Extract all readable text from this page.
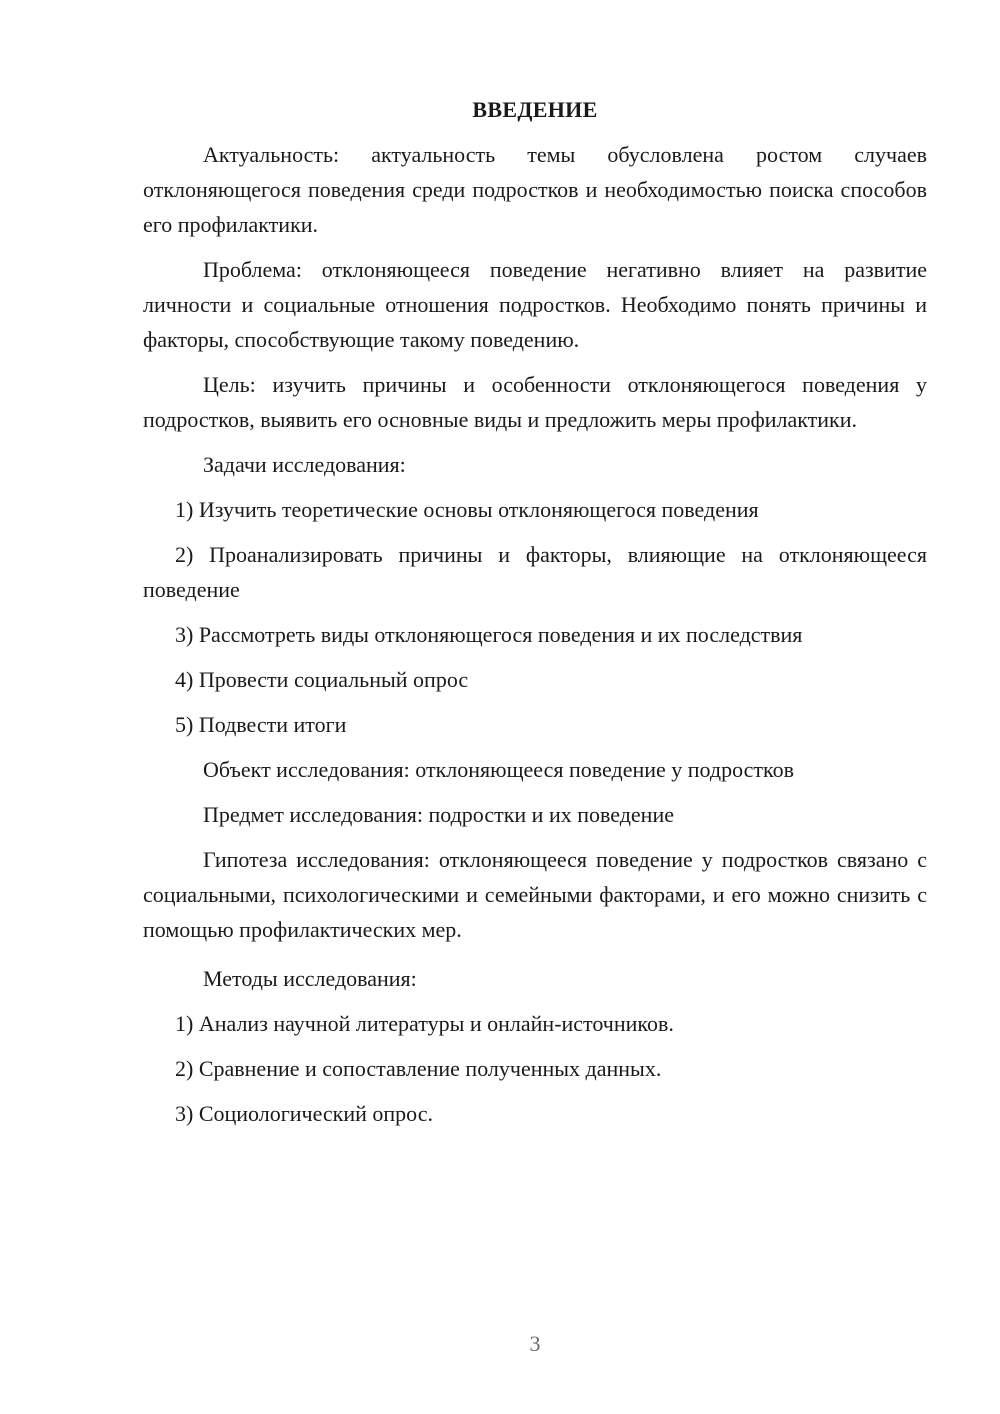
ВВЕДЕНИЕ

Актуальность: актуальность темы обусловлена ростом случаев отклоняющегося поведения среди подростков и необходимостью поиска способов его профилактики.

Проблема: отклоняющееся поведение негативно влияет на развитие личности и социальные отношения подростков. Необходимо понять причины и факторы, способствующие такому поведению.

Цель: изучить причины и особенности отклоняющегося поведения у подростков, выявить его основные виды и предложить меры профилактики.

Задачи исследования:

1) Изучить теоретические основы отклоняющегося поведения

2) Проанализировать причины и факторы, влияющие на отклоняющееся поведение

3) Рассмотреть виды отклоняющегося поведения и их последствия

4) Провести социальный опрос

5) Подвести итоги

Объект исследования: отклоняющееся поведение у подростков

Предмет исследования: подростки и их поведение

Гипотеза исследования: отклоняющееся поведение у подростков связано с социальными, психологическими и семейными факторами, и его можно снизить с помощью профилактических мер.

Методы исследования:

1) Анализ научной литературы и онлайн-источников.

2) Сравнение и сопоставление полученных данных.

3) Социологический опрос.

3
